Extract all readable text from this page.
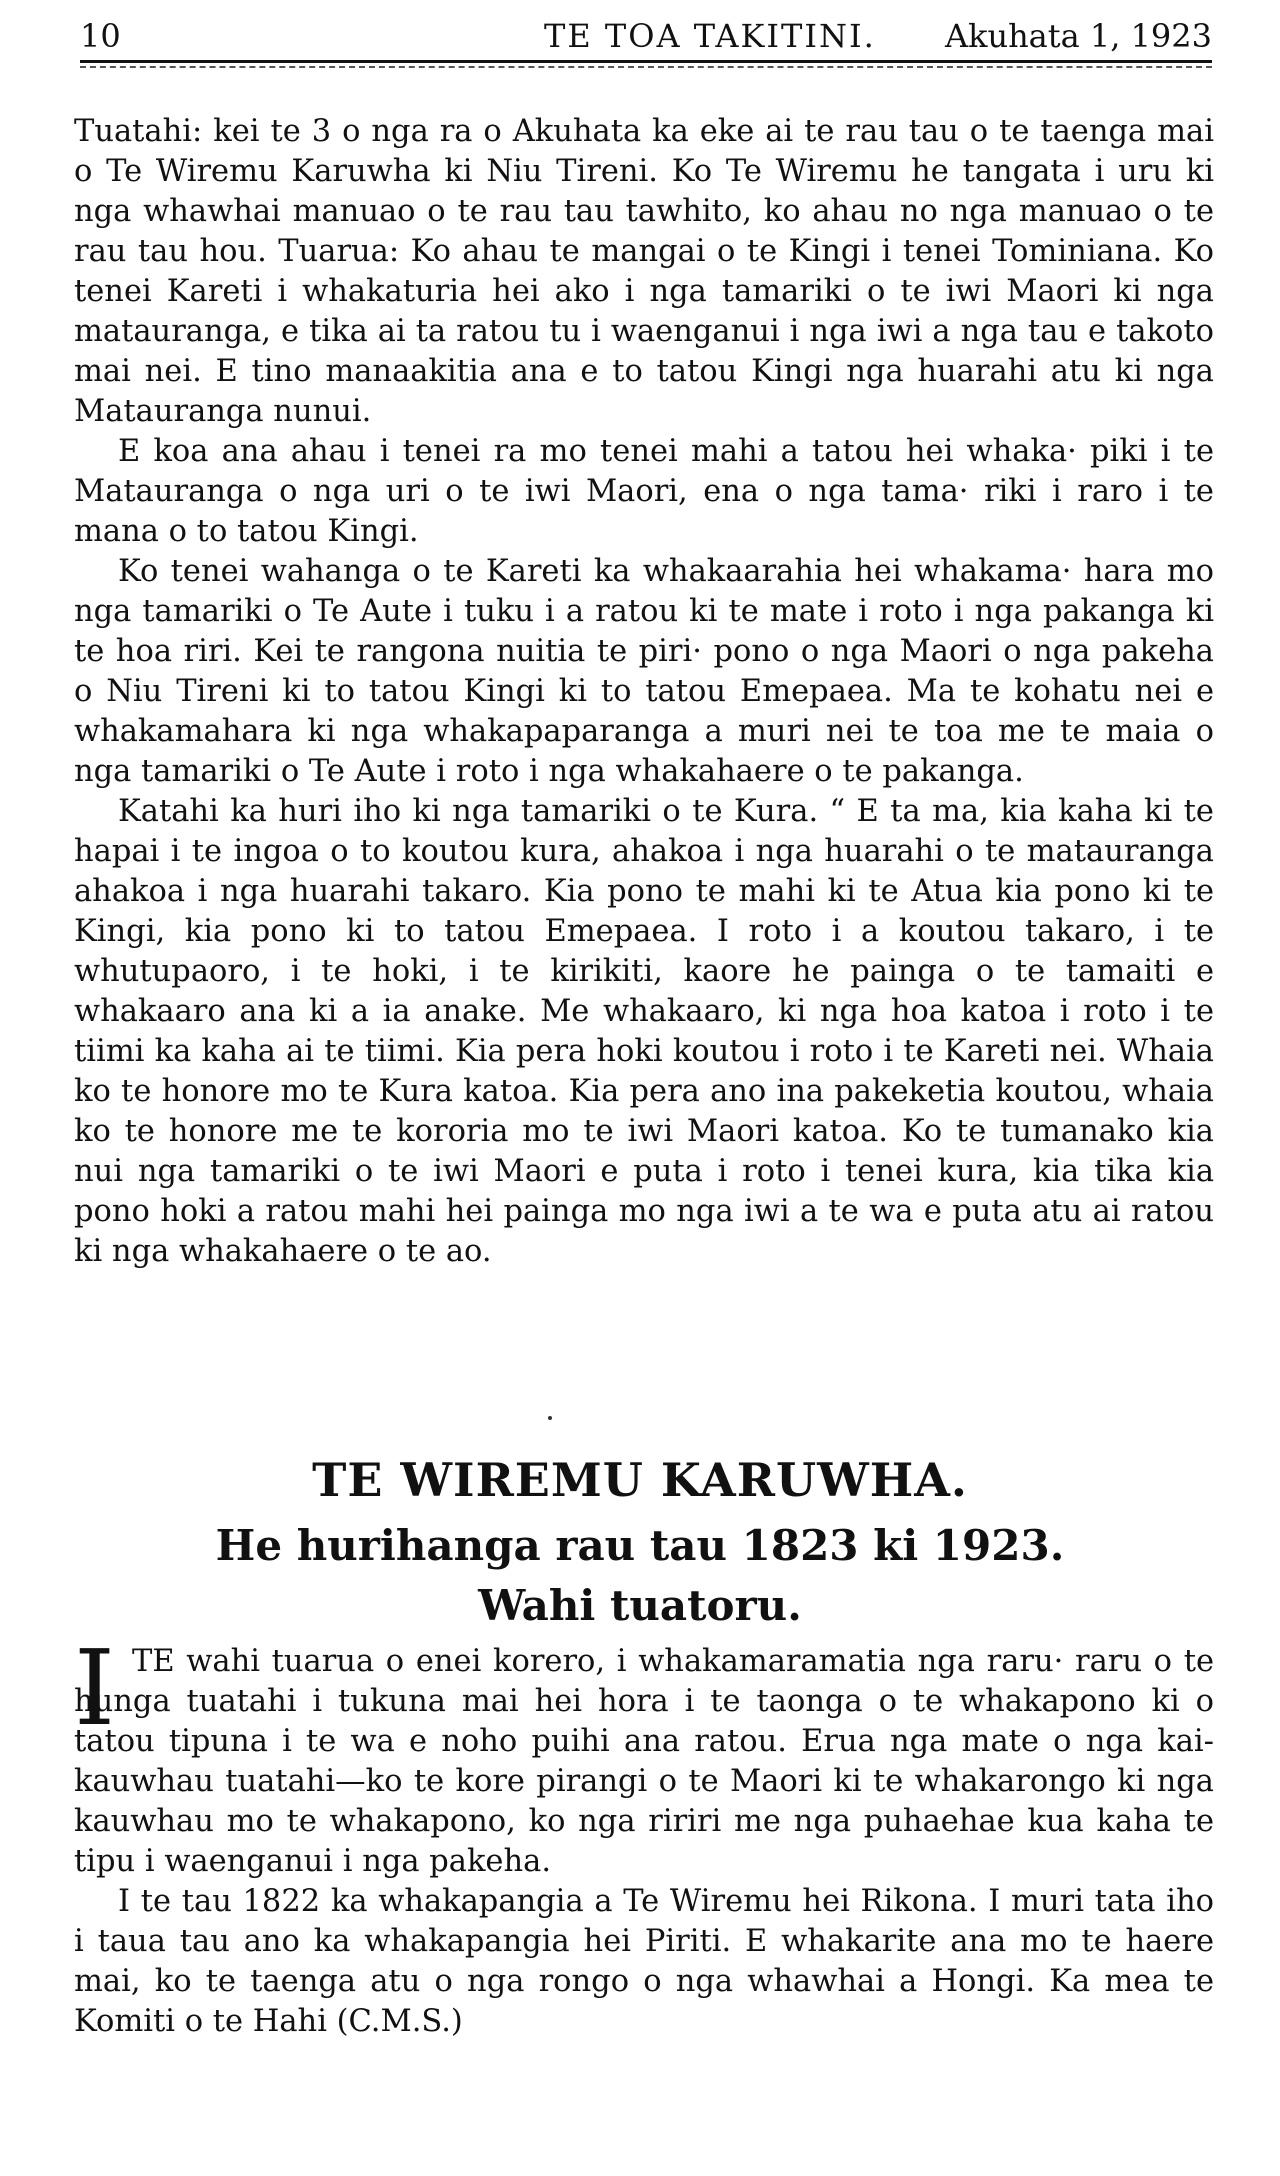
10	TE TOA TAKITINI. Akuhata 1, 1923

Tuatahi: kei te 3 o nga ra o Akuhata ka eke ai te rau tau o te taenga mai o Te Wiremu Karuwha ki Niu Tireni. Ko Te Wiremu he tangata i uru ki nga whawhai manuao o te rau tau tawhito, ko ahau no nga manuao o te rau tau hou. Tuarua: Ko ahau te mangai o te Kingi i tenei Tominiana. Ko tenei Kareti i whakaturia hei ako i nga tamariki o te iwi Maori ki nga matauranga, e tika ai ta ratou tu i waenganui i nga iwi a nga tau e takoto mai nei. E tino manaakitia ana e to tatou Kingi nga huarahi atu ki nga Matauranga nunui.

E koa ana ahau i tenei ra mo tenei mahi a tatou hei whaka· piki i te Matauranga o nga uri o te iwi Maori, ena o nga tama· riki i raro i te mana o to tatou Kingi.

Ko tenei wahanga o te Kareti ka whakaarahia hei whakama· hara mo nga tamariki o Te Aute i tuku i a ratou ki te mate i roto i nga pakanga ki te hoa riri. Kei te rangona nuitia te piri· pono o nga Maori o nga pakeha o Niu Tireni ki to tatou Kingi ki to tatou Emepaea. Ma te kohatu nei e whakamahara ki nga whakapaparanga a muri nei te toa me te maia o nga tamariki o Te Aute i roto i nga whakahaere o te pakanga.

Katahi ka huri iho ki nga tamariki o te Kura. “ E ta ma, kia kaha ki te hapai i te ingoa o to koutou kura, ahakoa i nga huarahi o te matauranga ahakoa i nga huarahi takaro. Kia pono te mahi ki te Atua kia pono ki te Kingi, kia pono ki to tatou Emepaea. I roto i a koutou takaro, i te whutupaoro, i te hoki, i te kirikiti, kaore he painga o te tamaiti e whakaaro ana ki a ia anake. Me whakaaro, ki nga hoa katoa i roto i te tiimi ka kaha ai te tiimi. Kia pera hoki koutou i roto i te Kareti nei. Whaia ko te honore mo te Kura katoa. Kia pera ano ina pakeketia koutou, whaia ko te honore me te kororia mo te iwi Maori katoa. Ko te tumanako kia nui nga tamariki o te iwi Maori e puta i roto i tenei kura, kia tika kia pono hoki a ratou mahi hei painga mo nga iwi a te wa e puta atu ai ratou ki nga whakahaere o te ao.

TE WIREMU KARUWHA.
He hurihanga rau tau 1823 ki 1923.
Wahi tuatoru.
I TE wahi tuarua o enei korero, i whakamaramatia nga raru· raru o te hunga tuatahi i tukuna mai hei hora i te taonga o te whakapono ki o tatou tipuna i te wa e noho puihi ana ratou. Erua nga mate o nga kai-kauwhau tuatahi—ko te kore pirangi o te Maori ki te whakarongo ki nga kauwhau mo te whakapono, ko nga ririri me nga puhaehae kua kaha te tipu i waenganui i nga pakeha.

I te tau 1822 ka whakapangia a Te Wiremu hei Rikona. I muri tata iho i taua tau ano ka whakapangia hei Piriti. E whakarite ana mo te haere mai, ko te taenga atu o nga rongo o nga whawhai a Hongi. Ka mea te Komiti o te Hahi (C.M.S.)
